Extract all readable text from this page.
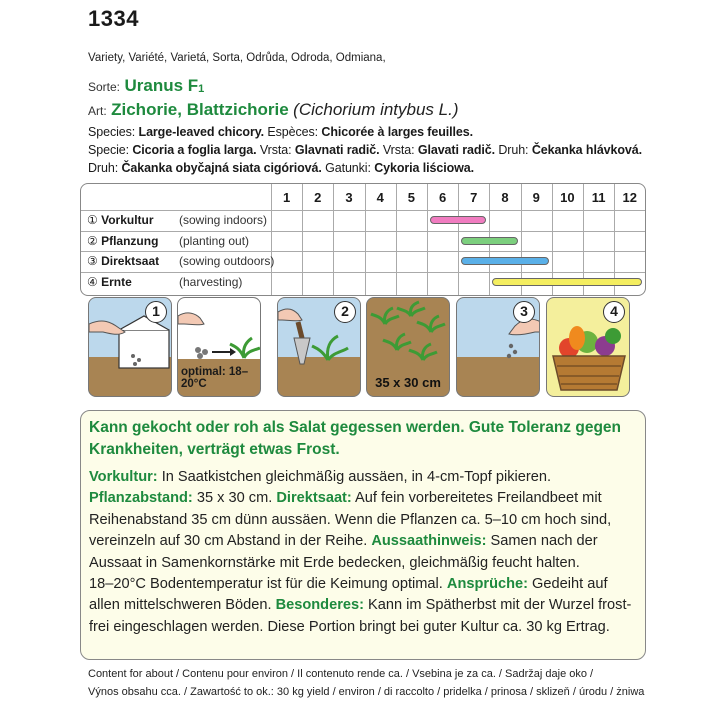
1334
Variety, Variété, Varietá, Sorta, Odrůda, Odroda, Odmiana,
Sorte: Uranus F1
Art: Zichorie, Blattzichorie (Cichorium intybus L.)
Species: Large-leaved chicory. Espèces: Chicorée à larges feuilles.
Specie: Cicoria a foglia larga. Vrsta: Glavnati radič. Vrsta: Glavati radič. Druh: Čekanka hlávková.
Druh: Čakanka obyčajná siata cigóriová. Gatunki: Cykoria liściowa.
1	2	3	4	5	6	7	8	9	10	11	12
① Vorkultur (sowing indoors)
② Pflanzung (planting out)
③ Direktsaat (sowing outdoors)
④ Ernte	(harvesting)
1
optimal: 18–20°C
2
35 x 30 cm
3	4
Kann gekocht oder roh als Salat gegessen werden. Gute Toleranz gegen Krankheiten, verträgt etwas Frost.
Vorkultur: In Saatkistchen gleichmäßig aussäen, in 4-cm-Topf pikieren.
Pflanzabstand: 35 x 30 cm. Direktsaat: Auf fein vorbereitetes Freilandbeet mit
Reihenabstand 35 cm dünn aussäen. Wenn die Pflanzen ca. 5–10 cm hoch sind,
vereinzeln auf 30 cm Abstand in der Reihe. Aussaathinweis: Samen nach der
Aussaat in Samenkornstärke mit Erde bedecken, gleichmäßig feucht halten.
18–20°C Bodentemperatur ist für die Keimung optimal. Ansprüche: Gedeiht auf
allen mittelschweren Böden. Besonderes: Kann im Spätherbst mit der Wurzel frost-
frei eingeschlagen werden. Diese Portion bringt bei guter Kultur ca. 30 kg Ertrag.
Content for about / Contenu pour environ / Il contenuto rende ca. / Vsebina je za ca. / Sadržaj daje oko /
Výnos obsahu cca. / Zawartość to ok.: 30 kg yield / environ / di raccolto / pridelka / prinosa / sklizeň / úrodu / żniwa
